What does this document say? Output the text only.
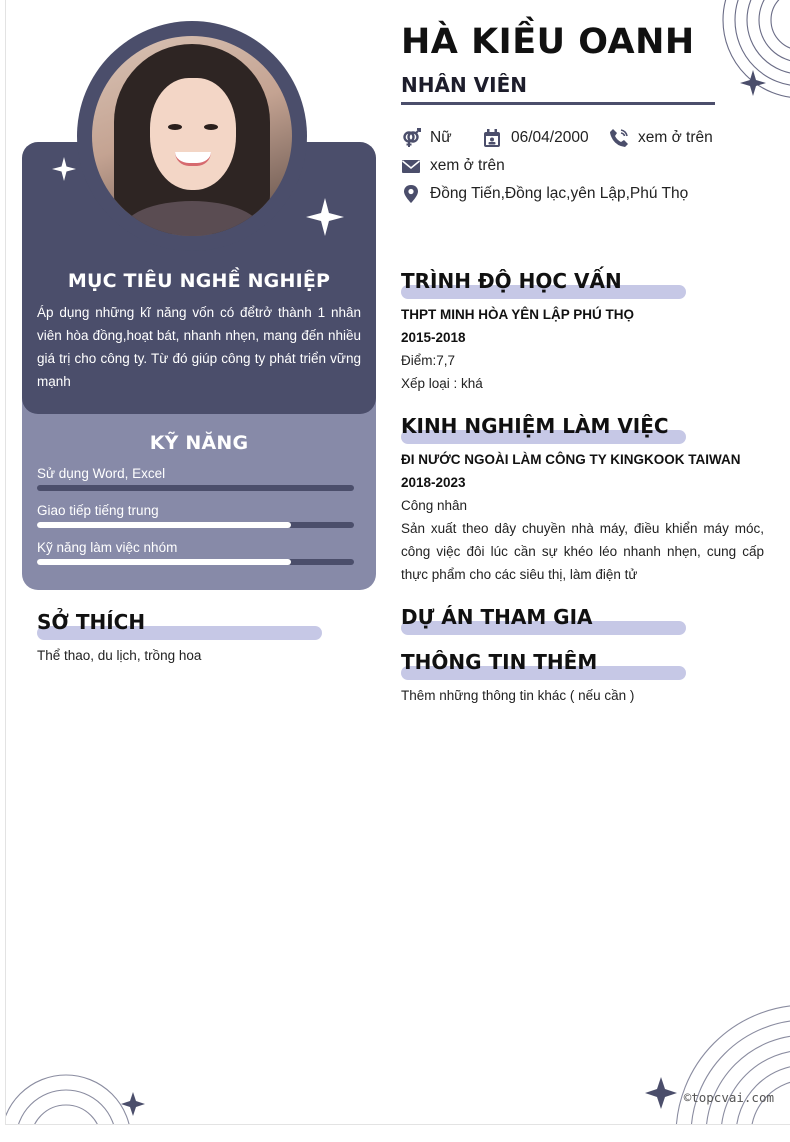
MỤC TIÊU NGHỀ NGHIỆP
Áp dụng những kĩ năng vốn có đểtrở thành 1 nhân viên hòa đồng,hoạt bát, nhanh nhẹn, mang đến nhiều giá trị cho công ty. Từ đó giúp công ty phát triển vững mạnh
KỸ NĂNG
Sử dụng Word, Excel
Giao tiếp tiếng trung
Kỹ năng làm việc nhóm
SỞ THÍCH
Thể thao, du lịch, trồng hoa
HÀ KIỀU OANH
NHÂN VIÊN
Nữ	06/04/2000	xem ở trên
xem ở trên
Đồng Tiến,Đồng lạc,yên Lập,Phú Thọ
TRÌNH ĐỘ HỌC VẤN
THPT MINH HÒA YÊN LẬP PHÚ THỌ
2015-2018
Điểm:7,7
Xếp loại : khá
KINH NGHIỆM LÀM VIỆC
ĐI NƯỚC NGOÀI LÀM CÔNG TY KINGKOOK TAIWAN
2018-2023
Công nhân
Sản xuất theo dây chuyền nhà máy, điều khiển máy móc, công việc đôi lúc cần sự khéo léo nhanh nhẹn, cung cấp thực phẩm cho các siêu thị, làm điện tử
DỰ ÁN THAM GIA
THÔNG TIN THÊM
Thêm những thông tin khác ( nếu cần )
©topcvai.com
